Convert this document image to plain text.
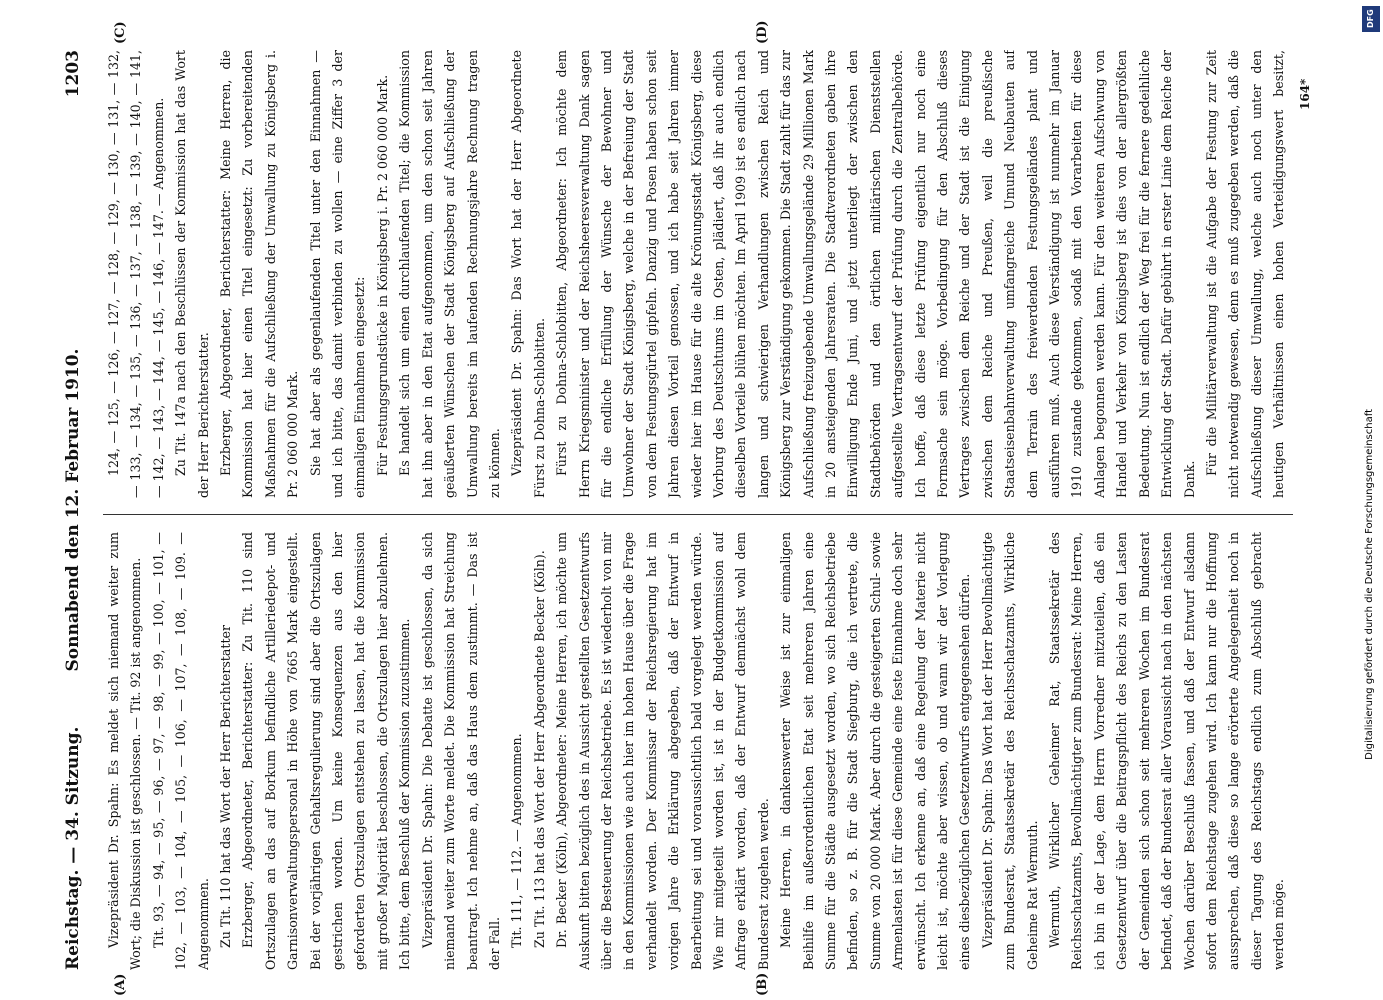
Reichstag. — 34. Sitzung.
Sonnabend den 12. Februar 1910.
1203

Vizepräsident Dr. Spahn: Es meldet sich niemand weiter zum Wort; die Diskussion ist geschlossen. — Tit. 92 ist angenommen. Tit. 93, — 94, — 95, — 96, — 97, — 98, — 99, — 100, — 101, — 102, — 103, — 104, — 105, — 106, — 107, — 108, — 109. — Angenommen. Zu Tit. 110 hat das Wort der Herr Berichterstatter Erzberger, Abgeordneter, Berichterstatter: Zu Tit. 110 sind Ortszulagen an das auf Borkum befindliche Artilleriedepot- und Garnisonverwaltungspersonal in Höhe von 7665 Mark eingestellt. Bei der vorjährigen Gehaltsregulierung sind aber die Ortszulagen gestrichen worden. Um keine Konsequenzen aus den hier geforderten Ortszulagen entstehen zu lassen, hat die Kommission mit großer Majorität beschlossen, die Ortszulagen hier abzulehnen. Ich bitte, dem Beschluß der Kommission zuzustimmen. Vizepräsident Dr. Spahn: Die Debatte ist geschlossen, da sich niemand weiter zum Worte meldet. Die Kommission hat Streichung beantragt. Ich nehme an, daß das Haus dem zustimmt. — Das ist der Fall. Tit. 111, — 112. — Angenommen. Zu Tit. 113 hat das Wort der Herr Abgeordnete Becker (Köln). Dr. Becker (Köln), Abgeordneter: Meine Herren, ich möchte um Auskunft bitten bezüglich des in Aussicht gestellten Gesetzentwurfs über die Besteuerung der Reichsbetriebe. Es ist wiederholt von mir in den Kommissionen wie auch hier im hohen Hause über die Frage verhandelt worden. Der Kommissar der Reichsregierung hat im vorigen Jahre die Erklärung abgegeben, daß der Entwurf in Bearbeitung sei und voraussichtlich bald vorgelegt werden würde. Wie mir mitgeteilt worden ist, ist in der Budgetkommission auf Anfrage erklärt worden, daß der Entwurf demnächst wohl dem Bundesrat zugehen werde. Meine Herren, in dankenswerter Weise ist zur einmaligen Beihilfe im außerordentlichen Etat seit mehreren Jahren eine Summe für die Städte ausgesetzt worden, wo sich Reichsbetriebe befinden, so z. B. für die Stadt Siegburg, die ich vertrete, die Summe von 20 000 Mark. Aber durch die gesteigerten Schul- sowie Armenlasten ist für diese Gemeinde eine feste Einnahme doch sehr erwünscht. Ich erkenne an, daß eine Regelung der Materie nicht leicht ist, möchte aber wissen, ob und wann wir der Vorlegung eines diesbezüglichen Gesetzentwurfs entgegensehen dürfen. Vizepräsident Dr. Spahn: Das Wort hat der Herr Bevollmächtigte zum Bundesrat, Staatssekretär des Reichsschatzamts, Wirkliche Geheime Rat Wermuth. Wermuth, Wirklicher Geheimer Rat, Staatssekretär des Reichsschatzamts, Bevollmächtigter zum Bundesrat: Meine Herren, ich bin in der Lage, dem Herrn Vorredner mitzuteilen, daß ein Gesetzentwurf über die Beitragspflicht des Reichs zu den Lasten der Gemeinden sich schon seit mehreren Wochen im Bundesrat befindet, daß der Bundesrat aller Voraussicht nach in den nächsten Wochen darüber Beschluß fassen, und daß der Entwurf alsdann sofort dem Reichstage zugehen wird. Ich kann nur die Hoffnung aussprechen, daß diese so lange erörterte Angelegenheit noch in dieser Tagung des Reichstags endlich zum Abschluß gebracht werden möge.

124, — 125, — 126, — 127, — 128, — 129, — 130, — 131, — 132, — 133, — 134, — 135, — 136, — 137, — 138, — 139, — 140, — 141, — 142, — 143, — 144, — 145, — 146, — 147. — Angenommen. Zu Tit. 147a nach den Beschlüssen der Kommission hat das Wort der Herr Berichterstatter. Erzberger, Abgeordneter, Berichterstatter: Meine Herren, die Kommission hat hier einen Titel eingesetzt: Zu vorbereitenden Maßnahmen für die Aufschließung der Umwallung zu Königsberg i. Pr. 2 060 000 Mark. Sie hat aber als gegenlaufenden Titel unter den Einnahmen — und ich bitte, das damit verbinden zu wollen — eine Ziffer 3 der einmaligen Einnahmen eingesetzt: Für Festungsgrundstücke in Königsberg i. Pr. 2 060 000 Mark. Es handelt sich um einen durchlaufenden Titel; die Kommission hat ihn aber in den Etat aufgenommen, um den schon seit Jahren geäußerten Wünschen der Stadt Königsberg auf Aufschließung der Umwallung bereits im laufenden Rechnungsjahre Rechnung tragen zu können. Vizepräsident Dr. Spahn: Das Wort hat der Herr Abgeordnete Fürst zu Dohna-Schlobitten. Fürst zu Dohna-Schlobitten, Abgeordneter: Ich möchte dem Herrn Kriegsminister und der Reichsheeresverwaltung Dank sagen für die endliche Erfüllung der Wünsche der Bewohner und Umwohner der Stadt Königsberg, welche in der Befreiung der Stadt von dem Festungsgürtel gipfeln. Danzig und Posen haben schon seit Jahren diesen Vorteil genossen, und ich habe seit Jahren immer wieder hier im Hause für die alte Krönungsstadt Königsberg, diese Vorburg des Deutschtums im Osten, plädiert, daß ihr auch endlich dieselben Vorteile blühen möchten. Im April 1909 ist es endlich nach langen und schwierigen Verhandlungen zwischen Reich und Königsberg zur Verständigung gekommen. Die Stadt zahlt für das zur Aufschließung freizugebende Umwallungsgelände 29 Millionen Mark in 20 ansteigenden Jahresraten. Die Stadtverordneten gaben ihre Einwilligung Ende Juni, und jetzt unterliegt der zwischen den Stadtbehörden und den örtlichen militärischen Dienststellen aufgestellte Vertragsentwurf der Prüfung durch die Zentralbehörde. Ich hoffe, daß diese letzte Prüfung eigentlich nur noch eine Formsache sein möge. Vorbedingung für den Abschluß dieses Vertrages zwischen dem Reiche und der Stadt ist die Einigung zwischen dem Reiche und Preußen, weil die preußische Staatseisenbahnverwaltung umfangreiche Umund Neubauten auf dem Terrain des freiwerdenden Festungsgeländes plant und ausführen muß. Auch diese Verständigung ist nunmehr im Januar 1910 zustande gekommen, sodaß mit den Vorarbeiten für diese Anlagen begonnen werden kann. Für den weiteren Aufschwung von Handel und Verkehr von Königsberg ist dies von der allergrößten Bedeutung. Nun ist endlich der Weg frei für die fernere gedeihliche Entwicklung der Stadt. Dafür gebührt in erster Linie dem Reiche der Dank. Für die Militärverwaltung ist die Aufgabe der Festung zur Zeit nicht notwendig gewesen, denn es muß zugegeben werden, daß die Aufschließung dieser Umwallung, welche auch noch unter den heutigen Verhältnissen einen hohen Verteidigungswert besitzt,

(A)	(B)
(C)	(D)
164*
DFG
Digitalisierung gefördert durch die Deutsche Forschungsgemeinschaft
